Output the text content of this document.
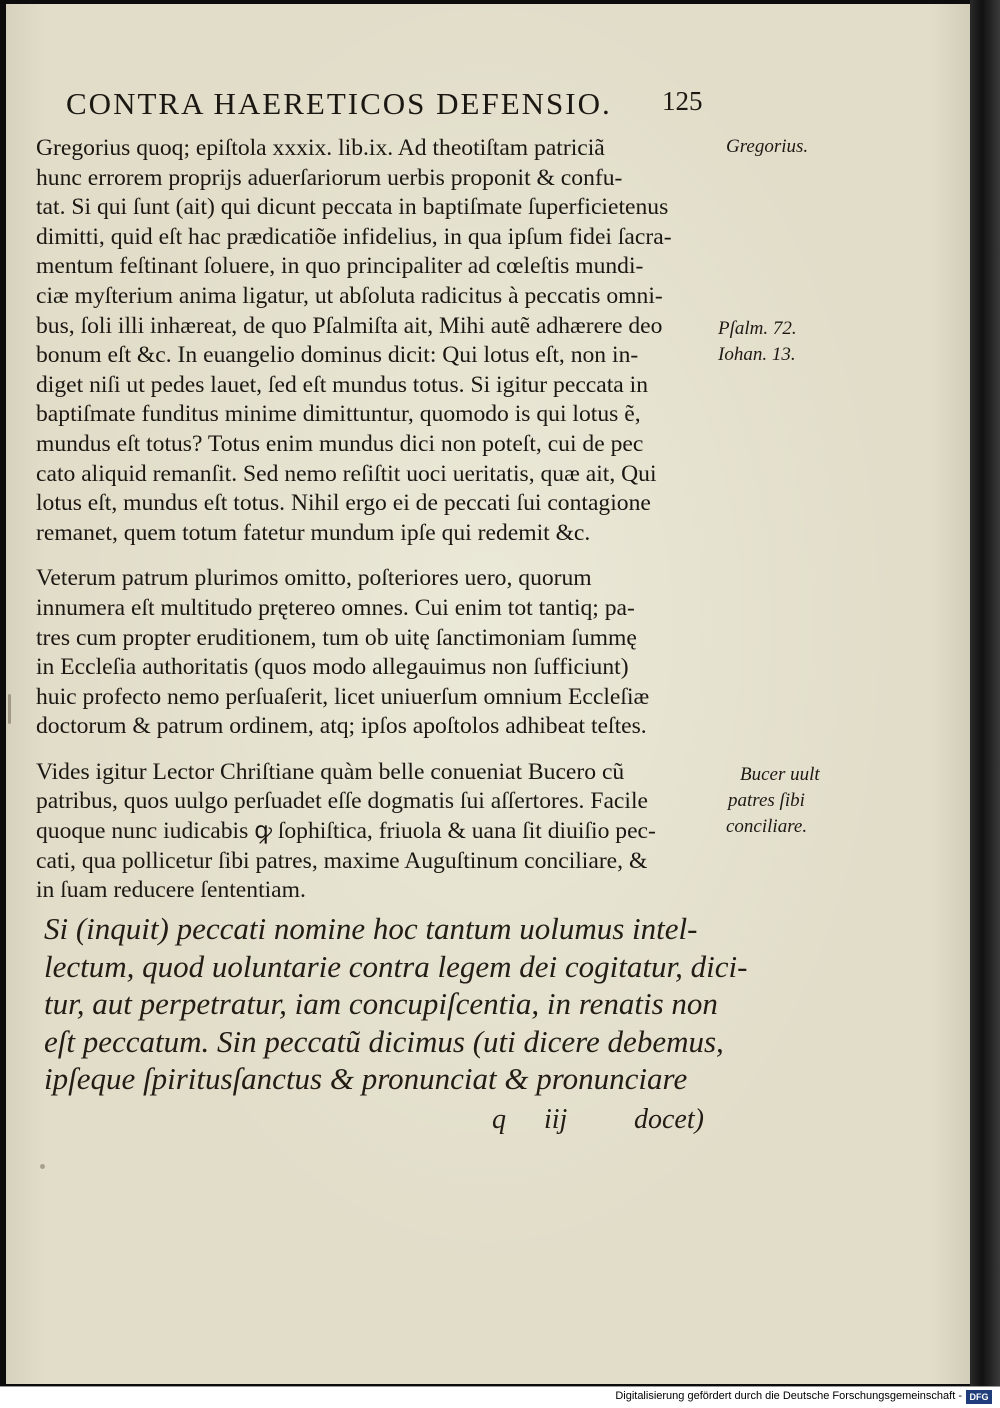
CONTRA HAERETICOS DEFENSIO.	125
Gregorius quoq; epiſtola xxxix. lib.ix. Ad theotiſtam patriciã
hunc errorem proprijs aduerſariorum uerbis proponit & confu-
tat. Si qui ſunt (ait) qui dicunt peccata in baptiſmate ſuperficietenus
dimitti, quid eſt hac prædicatiõe infidelius, in qua ipſum fidei ſacra-
mentum feſtinant ſoluere, in quo principaliter ad cœleſtis mundi-
ciæ myſterium anima ligatur, ut abſoluta radicitus à peccatis omni-
bus, ſoli illi inhæreat, de quo Pſalmiſta ait, Mihi autẽ adhærere deo
bonum eſt &c. In euangelio dominus dicit: Qui lotus eſt, non in-
diget niſi ut pedes lauet, ſed eſt mundus totus. Si igitur peccata in
baptiſmate funditus minime dimittuntur, quomodo is qui lotus ẽ,
mundus eſt totus? Totus enim mundus dici non poteſt, cui de pec
cato aliquid remanſit. Sed nemo reſiſtit uoci ueritatis, quæ ait, Qui
lotus eſt, mundus eſt totus. Nihil ergo ei de peccati ſui contagione
remanet, quem totum fatetur mundum ipſe qui redemit &c.
Veterum patrum plurimos omitto, poſteriores uero, quorum
innumera eſt multitudo prętereo omnes. Cui enim tot tantiq; pa-
tres cum propter eruditionem, tum ob uitę ſanctimoniam ſummę
in Eccleſia authoritatis (quos modo allegauimus non ſufficiunt)
huic profecto nemo perſuaſerit, licet uniuerſum omnium Eccleſiæ
doctorum & patrum ordinem, atq; ipſos apoſtolos adhibeat teſtes.
Vides igitur Lector Chriſtiane quàm belle conueniat Bucero cũ
patribus, quos uulgo perſuadet eſſe dogmatis ſui aſſertores. Facile
quoque nunc iudicabis ꝙ ſophiſtica, friuola & uana ſit diuiſio pec-
cati, qua pollicetur ſibi patres, maxime Auguſtinum conciliare, &
in ſuam reducere ſententiam.
Si (inquit) peccati nomine hoc tantum uolumus intel-
lectum, quod uoluntarie contra legem dei cogitatur, dici-
tur, aut perpetratur, iam concupiſcentia, in renatis non
eſt peccatum. Sin peccatũ dicimus (uti dicere debemus,
ipſeque ſpiritusſanctus & pronunciat & pronunciare
q iij docet)
Gregorius.
Pſalm. 72.
Iohan. 13.
Bucer uult
patres ſibi
conciliare.
Digitalisierung gefördert durch die Deutsche Forschungsgemeinschaft - DFG
